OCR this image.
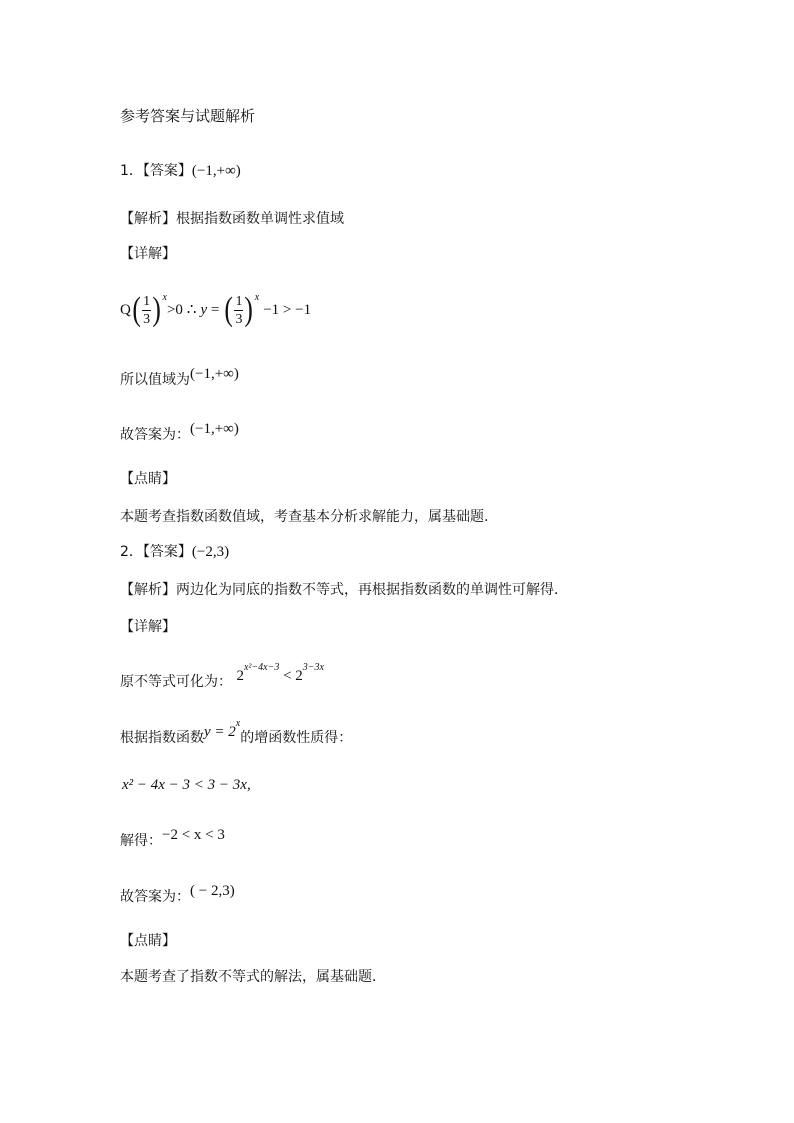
参考答案与试题解析
1．【答案】(−1,+∞)
【解析】根据指数函数单调性求值域
【详解】
Q ( $\frac{1}{3}$ ) x
>0 ∴ y = ( $\frac{1}{3}$ ) x
−1 > −1
所以值域为(−1,+∞)
故答案为：(−1,+∞)
【点睛】
本题考查指数函数值域，考查基本分析求解能力，属基础题.
2．【答案】(−2,3)
【解析】两边化为同底的指数不等式，再根据指数函数的单调性可解得．
【详解】
原不等式可化为： $2^{x^2-4x-3} < 2^{3-3x}$
根据指数函数$y = 2^x$的增函数性质得：
x² − 4x − 3 < 3 − 3x,
解得：−2 < x < 3
故答案为：( − 2,3)
【点睛】
本题考查了指数不等式的解法，属基础题．
